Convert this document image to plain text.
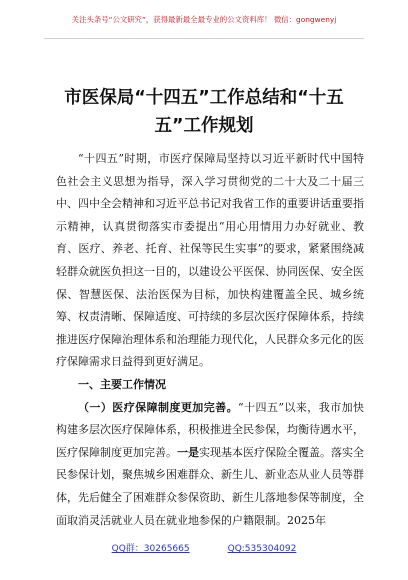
关注头条号“公文研究”，获得最新最全最专业的公文资料库！ 微信：gongwenyj
市医保局“十四五”工作总结和“十五
五”工作规划

“十四五”时期，市医疗保障局坚持以习近平新时代中国特色社会主义思想为指导，深入学习贯彻党的二十大及二十届三中、四中全会精神和习近平总书记对我省工作的重要讲话重要指示精神，认真贯彻落实市委提出“用心用情用力办好就业、教育、医疗、养老、托育、社保等民生实事”的要求，紧紧围绕减轻群众就医负担这一目的，以建设公平医保、协同医保、安全医保、智慧医保、法治医保为目标，加快构建覆盖全民、城乡统筹、权责清晰、保障适度、可持续的多层次医疗保障体系，持续推进医疗保障治理体系和治理能力现代化，人民群众多元化的医疗保障需求日益得到更好满足。

一、主要工作情况

（一）医疗保障制度更加完善。“十四五”以来，我市加快构建多层次医疗保障体系，积极推进全民参保，均衡待遇水平，医疗保障制度更加完善。一是实现基本医疗保险全覆盖。落实全民参保计划，聚焦城乡困难群众、新生儿、新业态从业人员等群体，先后健全了困难群众参保资助、新生儿落地参保等制度，全面取消灵活就业人员在就业地参保的户籍限制。2025年

QQ群：30265665	QQ:535304092
